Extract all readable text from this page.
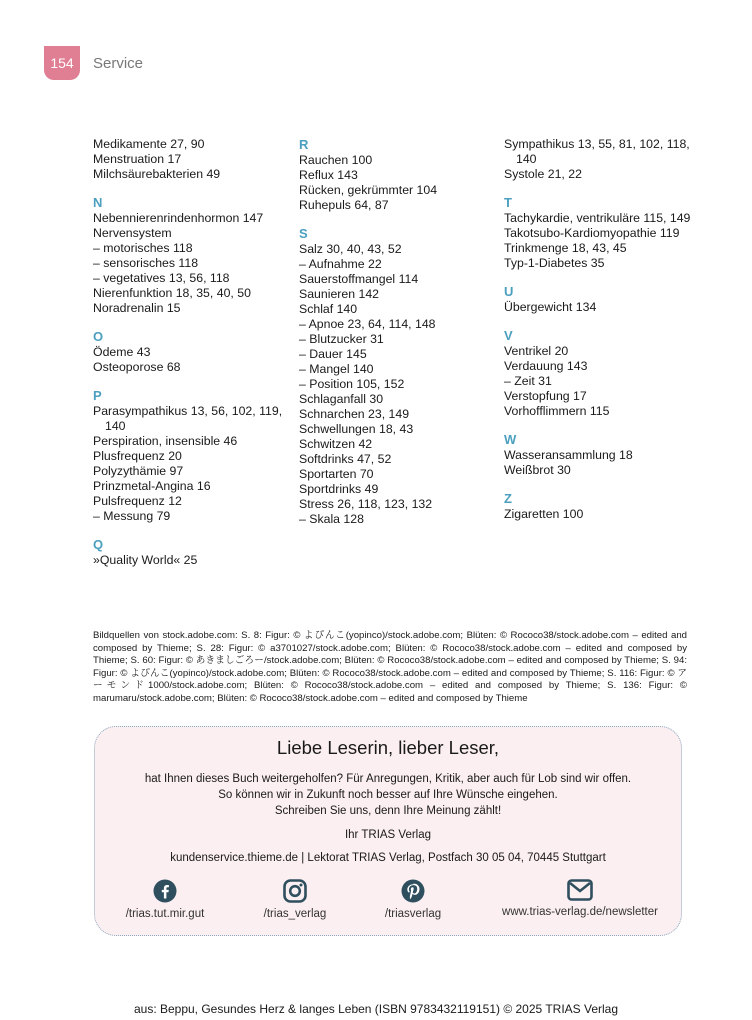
154	Service
Medikamente 27, 90
Menstruation 17
Milchsäurebakterien 49
N
Nebennierenrindenhormon 147
Nervensystem
– motorisches 118
– sensorisches 118
– vegetatives 13, 56, 118
Nierenfunktion 18, 35, 40, 50
Noradrenalin 15
O
Ödeme 43
Osteoporose 68
P
Parasympathikus 13, 56, 102, 119, 140
Perspiration, insensible 46
Plusfrequenz 20
Polyzythämie 97
Prinzmetal-Angina 16
Pulsfrequenz 12
– Messung 79
Q
»Quality World« 25
R
Rauchen 100
Reflux 143
Rücken, gekrümmter 104
Ruhepuls 64, 87
S
Salz 30, 40, 43, 52
– Aufnahme 22
Sauerstoffmangel 114
Saunieren 142
Schlaf 140
– Apnoe 23, 64, 114, 148
– Blutzucker 31
– Dauer 145
– Mangel 140
– Position 105, 152
Schlaganfall 30
Schnarchen 23, 149
Schwellungen 18, 43
Schwitzen 42
Softdrinks 47, 52
Sportarten 70
Sportdrinks 49
Stress 26, 118, 123, 132
– Skala 128
Sympathikus 13, 55, 81, 102, 118, 140
Systole 21, 22
T
Tachykardie, ventrikuläre 115, 149
Takotsubo-Kardiomyopathie 119
Trinkmenge 18, 43, 45
Typ-1-Diabetes 35
U
Übergewicht 134
V
Ventrikel 20
Verdauung 143
– Zeit 31
Verstopfung 17
Vorhofflimmern 115
W
Wasseransammlung 18
Weißbrot 30
Z
Zigaretten 100
Bildquellen von stock.adobe.com: S. 8: Figur: © よぴんこ(yopinco)/stock.adobe.com; Blüten: © Rococo38/stock.adobe.com – edited and composed by Thieme; S. 28: Figur: © a3701027/stock.adobe.com; Blüten: © Rococo38/stock.adobe.com – edited and composed by Thieme; S. 60: Figur: © あきましごろー/stock.adobe.com; Blüten: © Rococo38/stock.adobe.com – edited and composed by Thieme; S. 94: Figur: © よぴんこ(yopinco)/stock.adobe.com; Blüten: © Rococo38/stock.adobe.com – edited and composed by Thieme; S. 116: Figur: © アーモンド1000/stock.adobe.com; Blüten: © Rococo38/stock.adobe.com – edited and composed by Thieme; S. 136: Figur: © marumaru/stock.adobe.com; Blüten: © Rococo38/stock.adobe.com – edited and composed by Thieme
Liebe Leserin, lieber Leser,

hat Ihnen dieses Buch weitergeholfen? Für Anregungen, Kritik, aber auch für Lob sind wir offen.

So können wir in Zukunft noch besser auf Ihre Wünsche eingehen.

Schreiben Sie uns, denn Ihre Meinung zählt!

Ihr TRIAS Verlag
kundenservice.thieme.de | Lektorat TRIAS Verlag, Postfach 30 05 04, 70445 Stuttgart
/trias.tut.mir.gut	/trias_verlag	/triasverlag	www.trias-verlag.de/newsletter
aus: Beppu, Gesundes Herz & langes Leben (ISBN 9783432119151) © 2025 TRIAS Verlag
